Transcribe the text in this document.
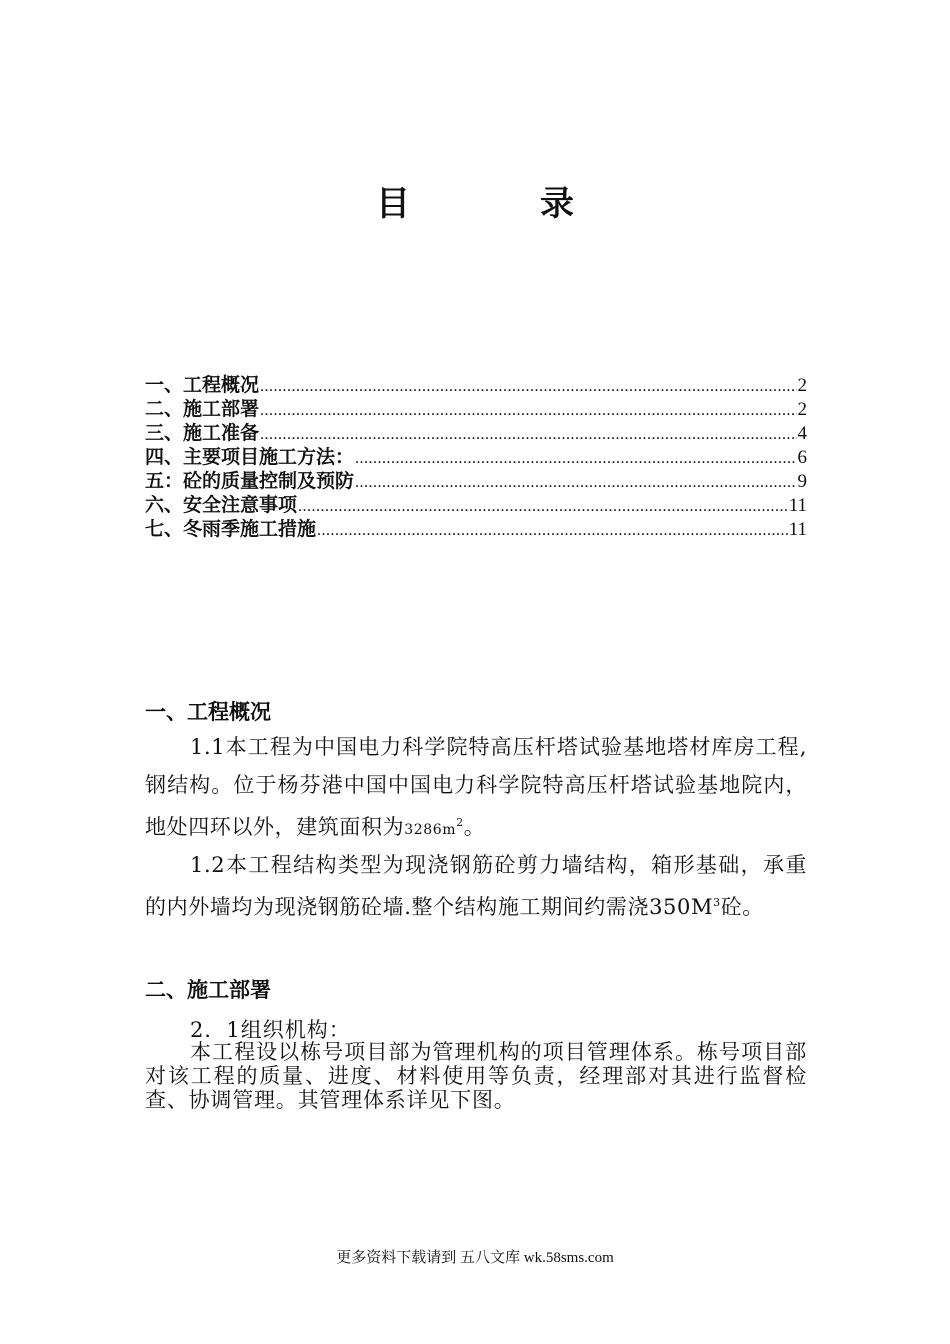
目	录
一、工程概况 .....	2
二、施工部署 .....	2
三、施工准备 .....	4
四、主要项目施工方法： .....	6
五：砼的质量控制及预防 .....	9
六、安全注意事项 .....	11
七、冬雨季施工措施 .....	11
一、工程概况
1.1本工程为中国电力科学院特高压杆塔试验基地塔材库房工程,钢结构。位于杨芬港中国中国电力科学院特高压杆塔试验基地院内，地处四环以外，建筑面积为$3286m^2$。
1.2本工程结构类型为现浇钢筋砼剪力墙结构，箱形基础，承重的内外墙均为现浇钢筋砼墙.整个结构施工期间约需浇$350M^3$砼。
二、施工部署
2．1组织机构：
本工程设以栋号项目部为管理机构的项目管理体系。栋号项目部对该工程的质量、进度、材料使用等负责，经理部对其进行监督检查、协调管理。其管理体系详见下图。
更多资料下载请到 五八文库 wk.58sms.com
